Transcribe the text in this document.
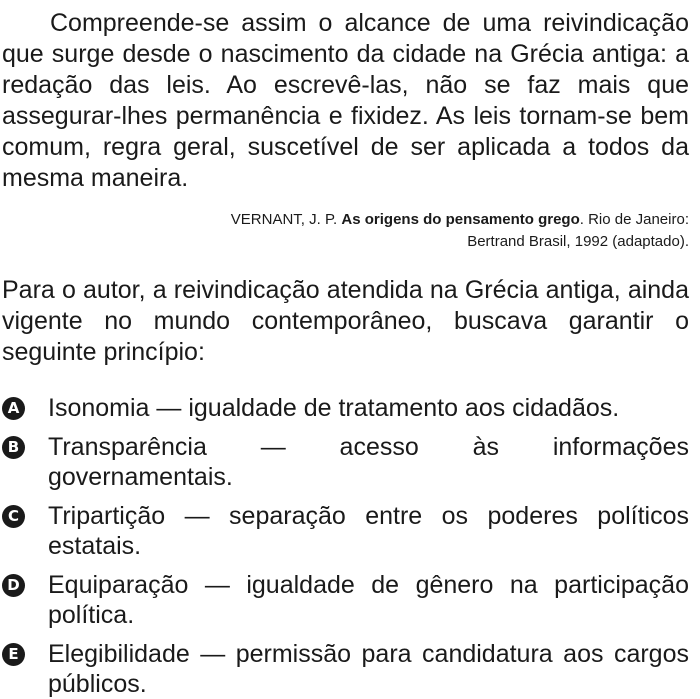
Compreende-se assim o alcance de uma reivindicação que surge desde o nascimento da cidade na Grécia antiga: a redação das leis. Ao escrevê-las, não se faz mais que assegurar-lhes permanência e fixidez. As leis tornam-se bem comum, regra geral, suscetível de ser aplicada a todos da mesma maneira.

VERNANT, J. P. As origens do pensamento grego. Rio de Janeiro:
Bertrand Brasil, 1992 (adaptado).

Para o autor, a reivindicação atendida na Grécia antiga, ainda vigente no mundo contemporâneo, buscava garantir o seguinte princípio:

A Isonomia — igualdade de tratamento aos cidadãos.
B Transparência — acesso às informações governamentais.
C Tripartição — separação entre os poderes políticos estatais.
D Equiparação — igualdade de gênero na participação política.
E Elegibilidade — permissão para candidatura aos cargos públicos.
